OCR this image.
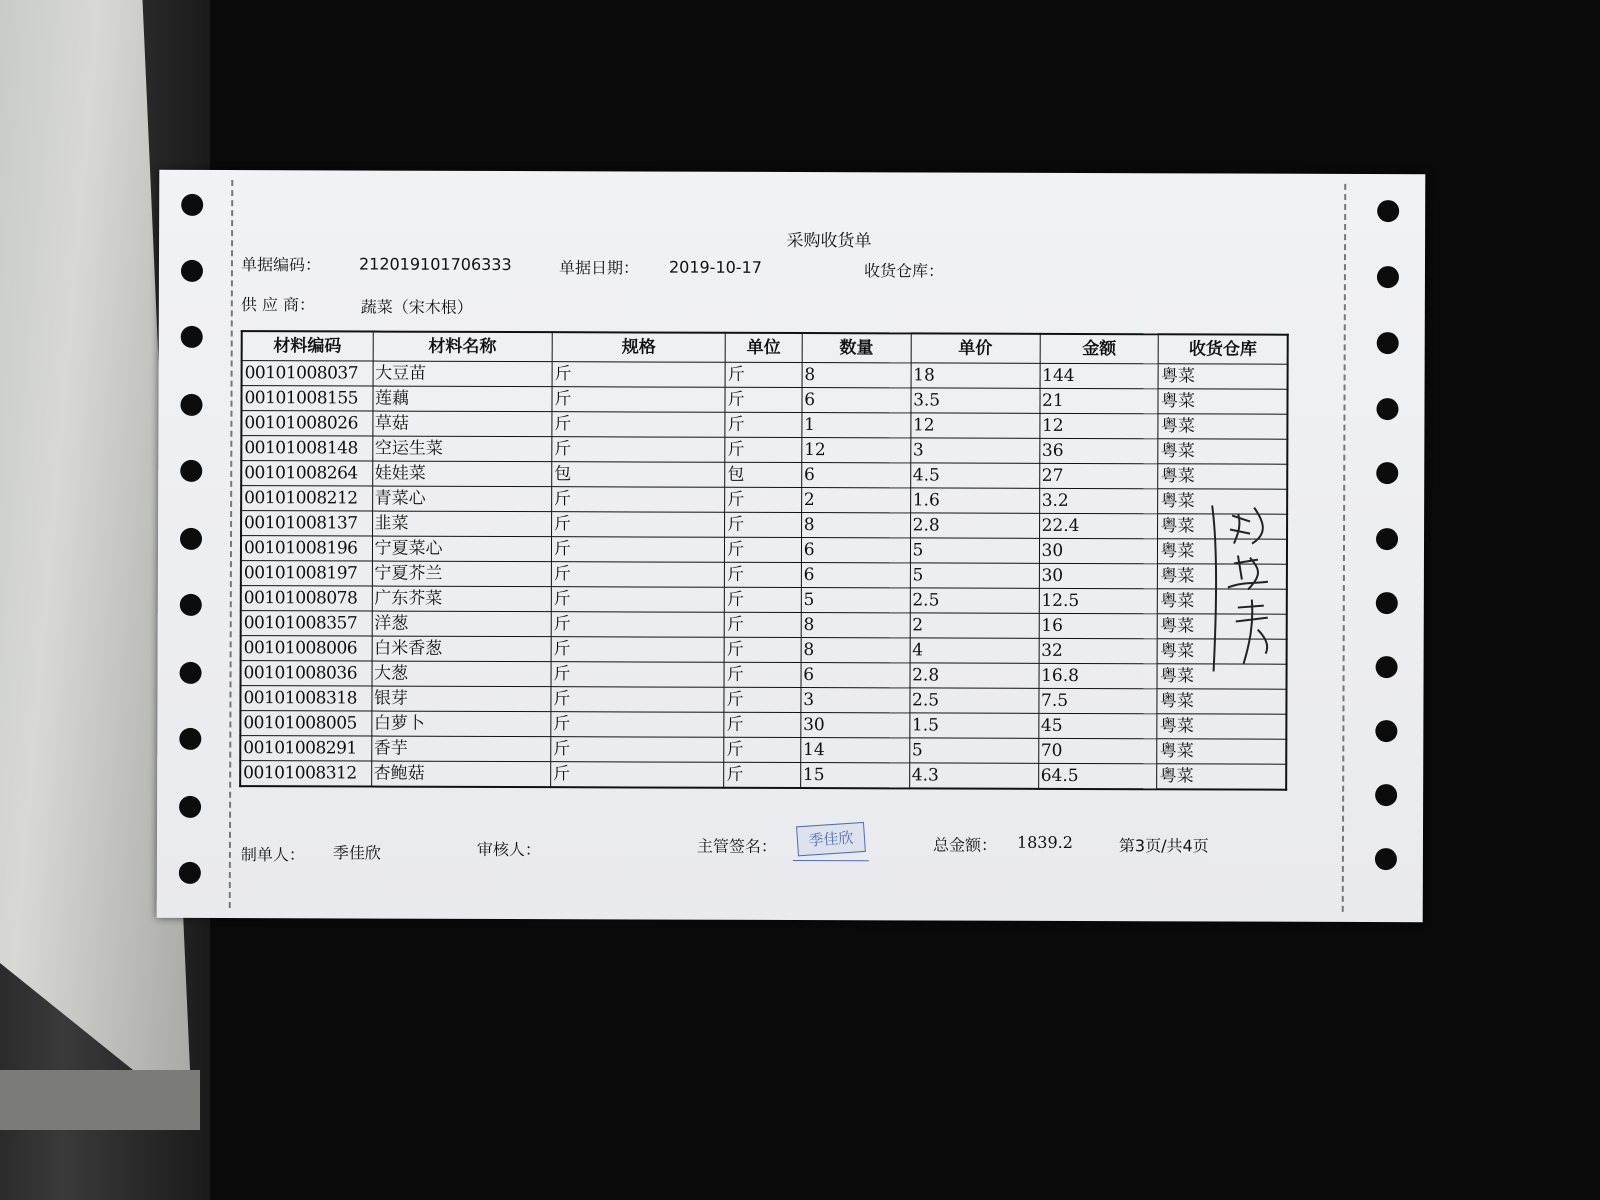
采购收货单
单据编码： 212019101706333	单据日期： 2019-10-17	收货仓库：
供 应 商：	蔬菜（宋木根）
材料编码	材料名称	规格	单位	数量	单价	金额	收货仓库
00101008037	大豆苗	斤	斤	8	18	144	粤菜
00101008155	莲藕	斤	斤	6	3.5	21	粤菜
00101008026	草菇	斤	斤	1	12	12	粤菜
00101008148	空运生菜	斤	斤	12	3	36	粤菜
00101008264	娃娃菜	包	包	6	4.5	27	粤菜
00101008212	青菜心	斤	斤	2	1.6	3.2	粤菜
00101008137	韭菜	斤	斤	8	2.8	22.4	粤菜
00101008196	宁夏菜心	斤	斤	6	5	30	粤菜
00101008197	宁夏芥兰	斤	斤	6	5	30	粤菜
00101008078	广东芥菜	斤	斤	5	2.5	12.5	粤菜
00101008357	洋葱	斤	斤	8	2	16	粤菜
00101008006	白米香葱	斤	斤	8	4	32	粤菜
00101008036	大葱	斤	斤	6	2.8	16.8	粤菜
00101008318	银芽	斤	斤	3	2.5	7.5	粤菜
00101008005	白萝卜	斤	斤	30	1.5	45	粤菜
00101008291	香芋	斤	斤	14	5	70	粤菜
00101008312	杏鲍菇	斤	斤	15	4.3	64.5	粤菜
制单人： 季佳欣	审核人：	主管签名：	季佳欣	总金额： 1839.2	第3页/共4页
